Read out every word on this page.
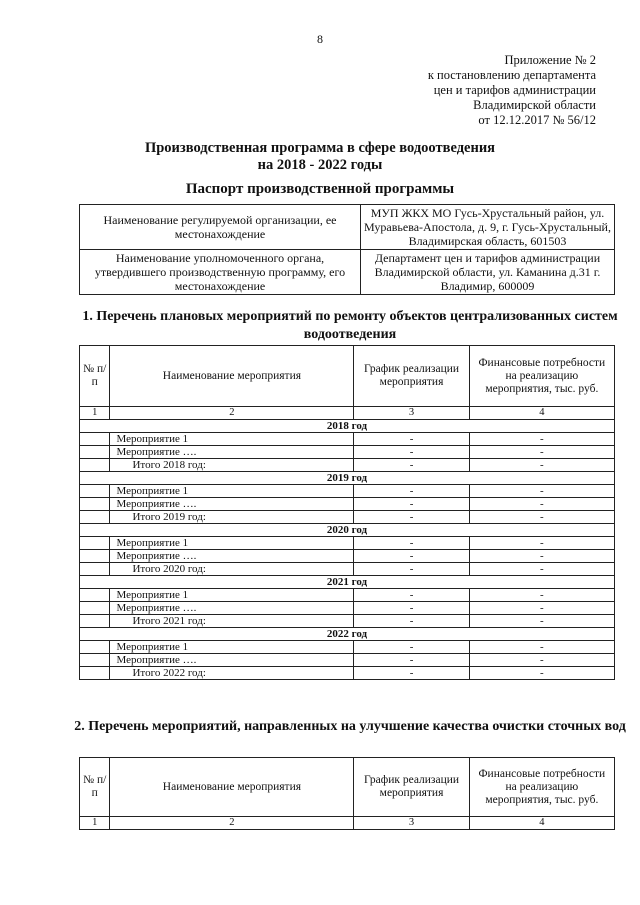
8
Приложение № 2
к постановлению департамента
цен и тарифов администрации
Владимирской области
от 12.12.2017 № 56/12
Производственная программа в сфере водоотведения
на 2018 - 2022 годы
Паспорт производственной программы
Наименование регулируемой организации, ее местонахождение	МУП ЖКХ МО Гусь-Хрустальный район, ул. Муравьева-Апостола, д. 9, г. Гусь-Хрустальный, Владимирская область, 601503
Наименование уполномоченного органа, утвердившего производственную программу, его местонахождение	Департамент цен и тарифов администрации Владимирской области, ул. Каманина д.31 г. Владимир, 600009
1. Перечень плановых мероприятий по ремонту объектов централизованных систем водоотведения
№ п/п	Наименование мероприятия	График реализации мероприятия	Финансовые потребности на реализацию мероприятия, тыс. руб.
1	2	3	4
2018 год			
	Мероприятие 1	-	-
	Мероприятие ….	-	-
	Итого 2018 год:	-	-
2019 год			
	Мероприятие 1	-	-
	Мероприятие ….	-	-
	Итого 2019 год:	-	-
2020 год			
	Мероприятие 1	-	-
	Мероприятие ….	-	-
	Итого 2020 год:	-	-
2021 год			
	Мероприятие 1	-	-
	Мероприятие ….	-	-
	Итого 2021 год:	-	-
2022 год			
	Мероприятие 1	-	-
	Мероприятие ….	-	-
	Итого 2022 год:	-	-
2. Перечень мероприятий, направленных на улучшение качества очистки сточных вод
№ п/п	Наименование мероприятия	График реализации мероприятия	Финансовые потребности на реализацию мероприятия, тыс. руб.
1	2	3	4
